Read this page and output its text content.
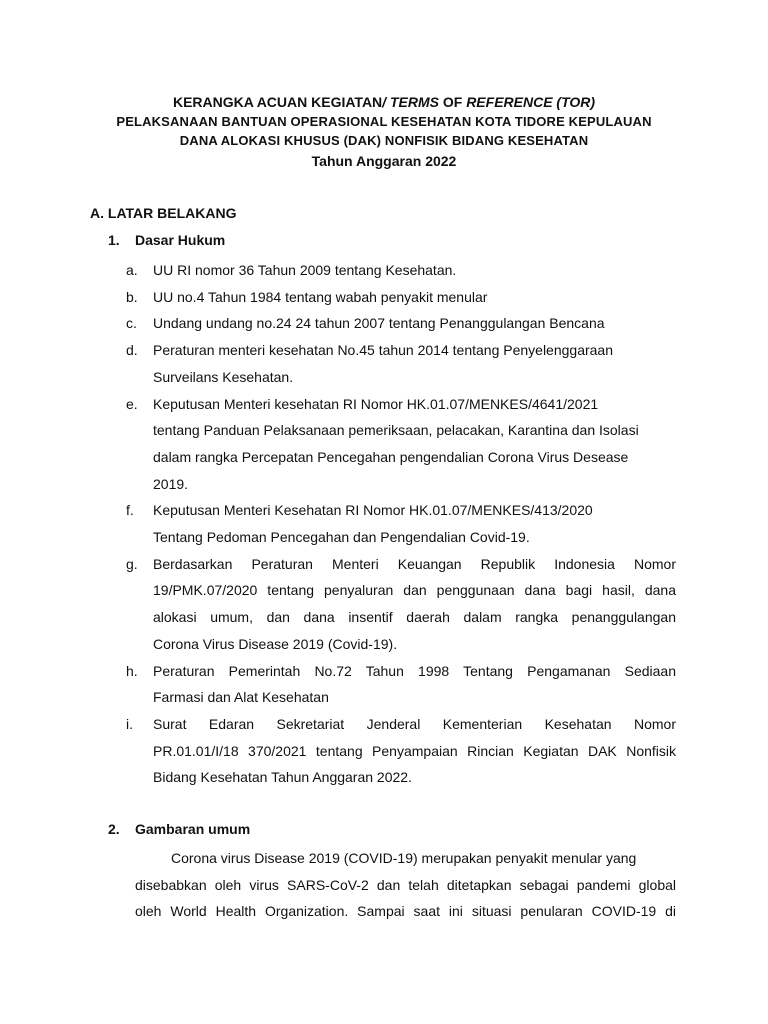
KERANGKA ACUAN KEGIATAN/ TERMS OF REFERENCE (TOR)
PELAKSANAAN BANTUAN OPERASIONAL KESEHATAN KOTA TIDORE KEPULAUAN
DANA ALOKASI KHUSUS (DAK) NONFISIK BIDANG KESEHATAN
Tahun Anggaran 2022
A. LATAR BELAKANG
1. Dasar Hukum
a.	UU RI nomor 36 Tahun 2009 tentang Kesehatan.
b.	UU no.4 Tahun 1984 tentang wabah penyakit menular
c.	Undang undang no.24 24 tahun 2007 tentang Penanggulangan Bencana
d.	Peraturan menteri kesehatan No.45 tahun 2014 tentang Penyelenggaraan
Surveilans Kesehatan.
e.	Keputusan Menteri kesehatan RI Nomor HK.01.07/MENKES/4641/2021
tentang Panduan Pelaksanaan pemeriksaan, pelacakan, Karantina dan Isolasi
dalam rangka Percepatan Pencegahan pengendalian Corona Virus Desease
2019.
f.	Keputusan Menteri Kesehatan RI Nomor HK.01.07/MENKES/413/2020
Tentang Pedoman Pencegahan dan Pengendalian Covid-19.
g.	Berdasarkan Peraturan Menteri Keuangan Republik Indonesia Nomor
19/PMK.07/2020 tentang penyaluran dan penggunaan dana bagi hasil, dana
alokasi umum, dan dana insentif daerah dalam rangka penanggulangan
Corona Virus Disease 2019 (Covid-19).
h.	Peraturan Pemerintah No.72 Tahun 1998 Tentang Pengamanan Sediaan
Farmasi dan Alat Kesehatan
i.	Surat Edaran Sekretariat Jenderal Kementerian Kesehatan Nomor
PR.01.01/I/18 370/2021 tentang Penyampaian Rincian Kegiatan DAK Nonfisik
Bidang Kesehatan Tahun Anggaran 2022.
2. Gambaran umum
Corona virus Disease 2019 (COVID-19) merupakan penyakit menular yang
disebabkan oleh virus SARS-CoV-2 dan telah ditetapkan sebagai pandemi global
oleh World Health Organization. Sampai saat ini situasi penularan COVID-19 di
